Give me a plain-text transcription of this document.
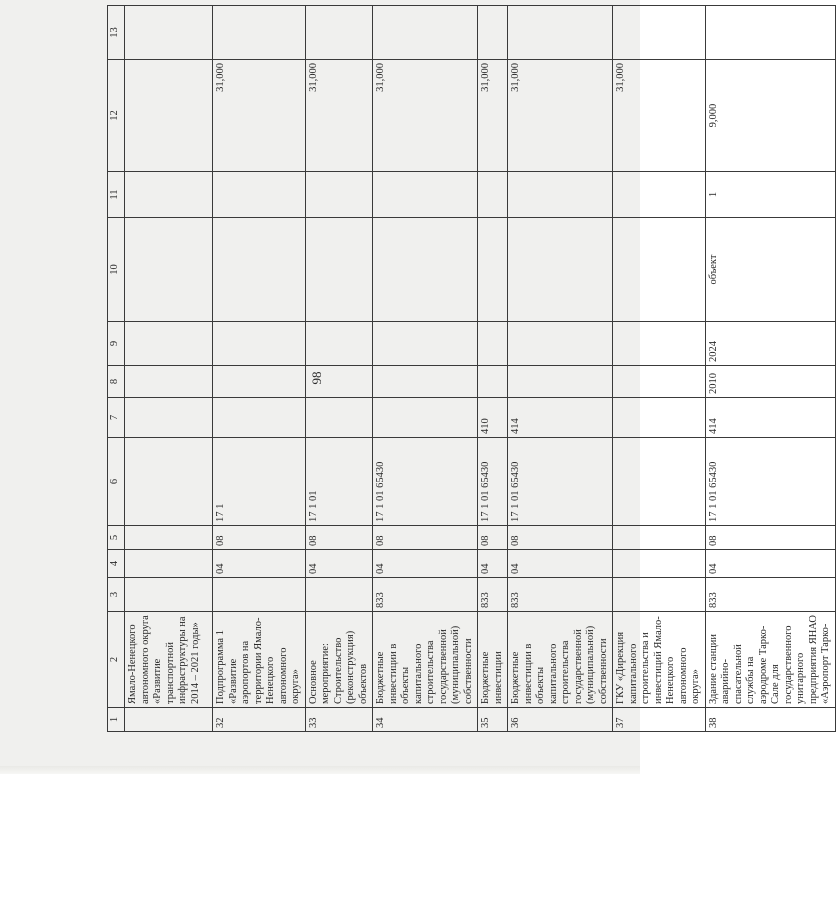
98
1	2	3	4	5	6	7	8	9	10	11	12	13
	Ямало-Ненецкого автономного округа «Развитие транспортной инфраструктуры на 2014 – 2021 годы»											
32	Подпрограмма 1 «Развитие аэропортов на территории Ямало-Ненецкого автономного округа»		04	08	17 1						31,000	
33	Основное мероприятие: Строительство (реконструкция) объектов		04	08	17 1 01						31,000	
34	Бюджетные инвестиции в объекты капитального строительства государственной (муниципальной) собственности	833	04	08	17 1 01 65430						31,000	
35	Бюджетные инвестиции	833	04	08	17 1 01 65430	410					31,000	
36	Бюджетные инвестиции в объекты капитального строительства государственной (муниципальной) собственности	833	04	08	17 1 01 65430	414					31,000	
37	ГКУ «Дирекция капитального строительства и инвестиций Ямало-Ненецкого автономного округа»										31,000	
38	Здание станции аварийно-спасательной службы на аэродроме Тарко-Сале для государственного унитарного предприятия ЯНАО «Аэропорт Тарко-	833	04	08	17 1 01 65430	414	2010	2024	объект	1	9,000	
